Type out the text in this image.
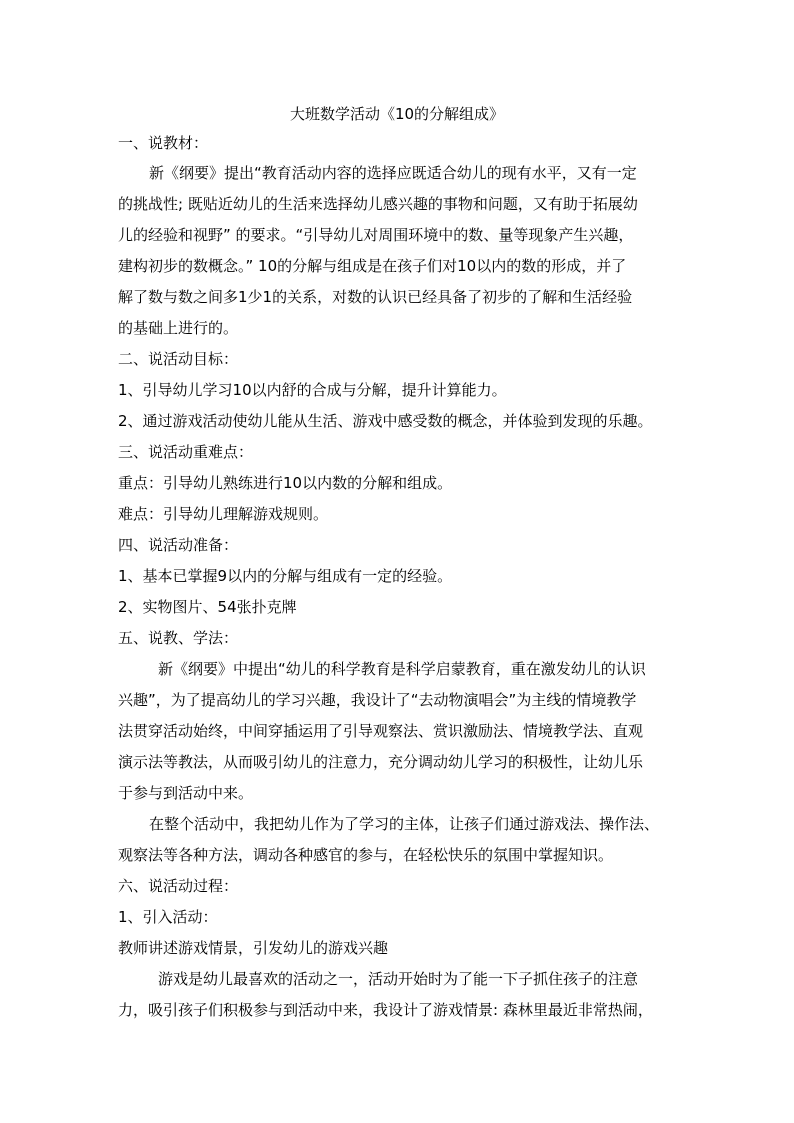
大班数学活动《10的分解组成》
一、说教材：
新《纲要》提出“教育活动内容的选择应既适合幼儿的现有水平，又有一定
的挑战性; 既贴近幼儿的生活来选择幼儿感兴趣的事物和问题，又有助于拓展幼
儿的经验和视野” 的要求。“引导幼儿对周围环境中的数、量等现象产生兴趣，
建构初步的数概念。” 10的分解与组成是在孩子们对10以内的数的形成，并了
解了数与数之间多1少1的关系，对数的认识已经具备了初步的了解和生活经验
的基础上进行的。
二、说活动目标：
1、引导幼儿学习10以内舒的合成与分解，提升计算能力。
2、通过游戏活动使幼儿能从生活、游戏中感受数的概念，并体验到发现的乐趣。
三、说活动重难点：
重点：引导幼儿熟练进行10以内数的分解和组成。
难点：引导幼儿理解游戏规则。
四、说活动准备：
1、基本已掌握9以内的分解与组成有一定的经验。
2、实物图片、54张扑克牌
五、说教、学法：
新《纲要》中提出“幼儿的科学教育是科学启蒙教育，重在激发幼儿的认识
兴趣”，为了提高幼儿的学习兴趣，我设计了“去动物演唱会”为主线的情境教学
法贯穿活动始终，中间穿插运用了引导观察法、赏识激励法、情境教学法、直观
演示法等教法，从而吸引幼儿的注意力，充分调动幼儿学习的积极性，让幼儿乐
于参与到活动中来。
在整个活动中，我把幼儿作为了学习的主体，让孩子们通过游戏法、操作法、
观察法等各种方法，调动各种感官的参与，在轻松快乐的氛围中掌握知识。
六、说活动过程：
1、引入活动：
教师讲述游戏情景，引发幼儿的游戏兴趣
游戏是幼儿最喜欢的活动之一，活动开始时为了能一下子抓住孩子的注意
力，吸引孩子们积极参与到活动中来，我设计了游戏情景: 森林里最近非常热闹，
